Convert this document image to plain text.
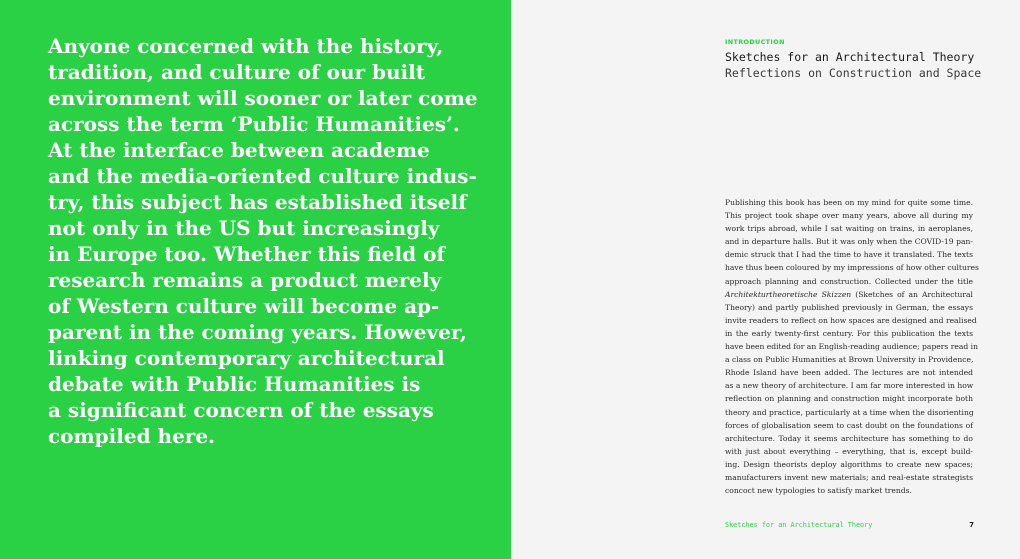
Anyone concerned with the history,
tradition, and culture of our built
environment will sooner or later come
across the term ‘Public Humanities’.
At the interface between academe
and the media-oriented culture indus-
try, this subject has established itself
not only in the US but increasingly
in Europe too. Whether this field of
research remains a product merely
of Western culture will become ap-
parent in the coming years. However,
linking contemporary architectural
debate with Public Humanities is
a significant concern of the essays
compiled here.

INTRODUCTION
Sketches for an Architectural Theory
Reflections on Construction and Space
Publishing this book has been on my mind for quite some time.
This project took shape over many years, above all during my
work trips abroad, while I sat waiting on trains, in aeroplanes,
and in departure halls. But it was only when the COVID-19 pan-
demic struck that I had the time to have it translated. The texts
have thus been coloured by my impressions of how other cultures
approach planning and construction. Collected under the title
Architekturtheoretische Skizzen (Sketches of an Architectural
Theory) and partly published previously in German, the essays
invite readers to reflect on how spaces are designed and realised
in the early twenty-first century. For this publication the texts
have been edited for an English-reading audience; papers read in
a class on Public Humanities at Brown University in Providence,
Rhode Island have been added. The lectures are not intended
as a new theory of architecture. I am far more interested in how
reflection on planning and construction might incorporate both
theory and practice, particularly at a time when the disorienting
forces of globalisation seem to cast doubt on the foundations of
architecture. Today it seems architecture has something to do
with just about everything – everything, that is, except build-
ing. Design theorists deploy algorithms to create new spaces;
manufacturers invent new materials; and real-estate strategists
concoct new typologies to satisfy market trends.
Sketches for an Architectural Theory	7
